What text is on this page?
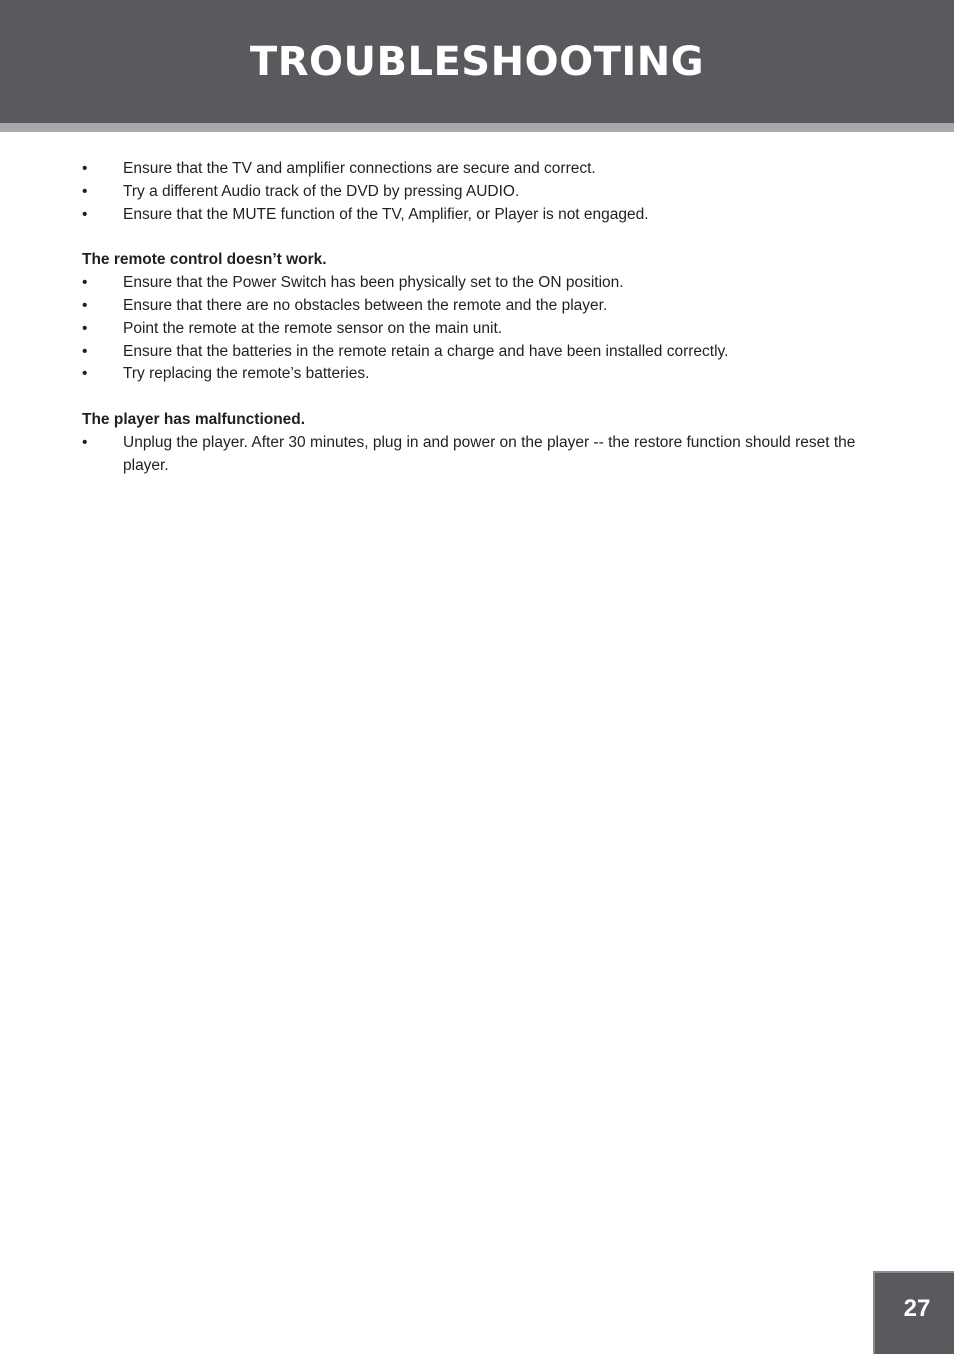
TROUBLESHOOTING
• Ensure that the TV and amplifier connections are secure and correct.
• Try a different Audio track of the DVD by pressing AUDIO.
• Ensure that the MUTE function of the TV, Amplifier, or Player is not engaged.
The remote control doesn’t work.
• Ensure that the Power Switch has been physically set to the ON position.
• Ensure that there are no obstacles between the remote and the player.
• Point the remote at the remote sensor on the main unit.
• Ensure that the batteries in the remote retain a charge and have been installed correctly.
• Try replacing the remote’s batteries.
The player has malfunctioned.
• Unplug the player. After 30 minutes, plug in and power on the player -- the restore function should reset the player.
27
